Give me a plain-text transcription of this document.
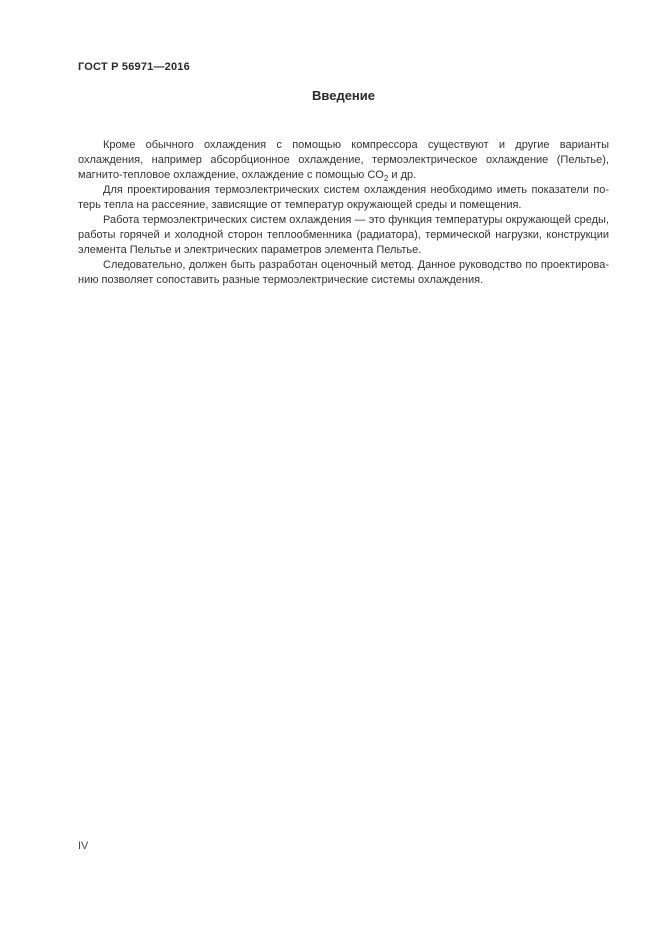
ГОСТ Р 56971—2016
Введение

Кроме обычного охлаждения с помощью компрессора существуют и другие варианты охлаждения, например абсорбционное охлаждение, термоэлектрическое охлаждение (Пельтье), магнито-тепловое охлаждение, охлаждение с помощью $CO_2$ и др.

Для проектирования термоэлектрических систем охлаждения необходимо иметь показатели потерь тепла на рассеяние, зависящие от температур окружающей среды и помещения.

Работа термоэлектрических систем охлаждения — это функция температуры окружающей среды, работы горячей и холодной сторон теплообменника (радиатора), термической нагрузки, конструкции элемента Пельтье и электрических параметров элемента Пельтье.

Следовательно, должен быть разработан оценочный метод. Данное руководство по проектированию позволяет сопоставить разные термоэлектрические системы охлаждения.

IV
